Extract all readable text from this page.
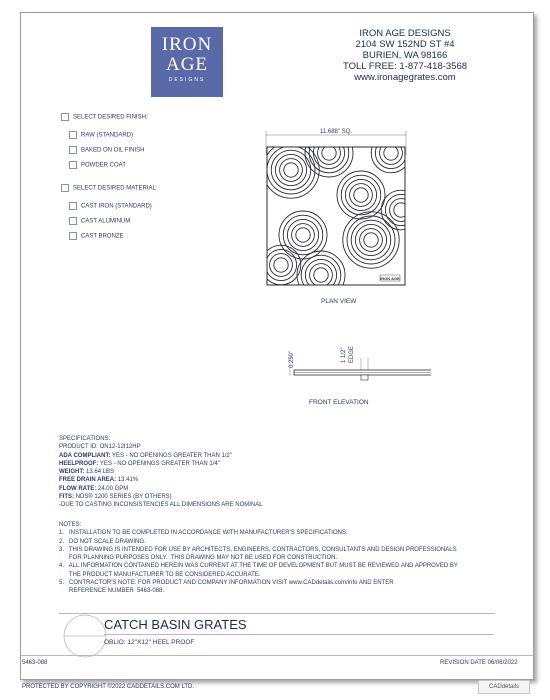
IRON
AGE
DESIGNS
IRON AGE DESIGNS
2104 SW 152ND ST #4
BURIEN, WA 98166
TOLL FREE: 1-877-418-3568
www.ironagegrates.com
SELECT DESIRED FINISH:
RAW (STANDARD)
BAKED ON OIL FINISH
POWDER COAT
SELECT DESIRED MATERIAL:
CAST IRON (STANDARD)
CAST ALUMINUM
CAST BRONZE
11.688" SQ.
IRON AGE
PLAN VIEW
0.250"	1 1/2" EDGE
FRONT ELEVATION
SPECIFICATIONS:
PRODUCT ID: ON12-12I12HP
ADA COMPLIANT: YES - NO OPENINGS GREATER THAN 1/2"
HEELPROOF: YES - NO OPENINGS GREATER THAN 1/4"
WEIGHT: 13.64 LBS
FREE DRAIN AREA: 13.41%
FLOW RATE: 24.00 GPM
FITS: NDS® 1200 SERIES (BY OTHERS)
-DUE TO CASTING INCONSISTENCIES ALL DIMENSIONS ARE NOMINAL
NOTES:
1.   INSTALLATION TO BE COMPLETED IN ACCORDANCE WITH MANUFACTURER'S SPECIFICATIONS.
2.   DO NOT SCALE DRAWING.
3.   THIS DRAWING IS INTENDED FOR USE BY ARCHITECTS, ENGINEERS, CONTRACTORS, CONSULTANTS AND DESIGN PROFESSIONALS
FOR PLANNING PURPOSES ONLY.  THIS DRAWING MAY NOT BE USED FOR CONSTRUCTION.
4.   ALL INFORMATION CONTAINED HEREIN WAS CURRENT AT THE TIME OF DEVELOPMENT BUT MUST BE REVIEWED AND APPROVED BY
THE PRODUCT MANUFACTURER TO BE CONSIDERED ACCURATE.
5.   CONTRACTOR'S NOTE: FOR PRODUCT AND COMPANY INFORMATION VISIT www.CADdetails.com/info AND ENTER
REFERENCE NUMBER  5463-088.
CATCH BASIN GRATES
OBLIO: 12"X12" HEEL PROOF
5463-088	REVISION DATE 06/06/2022
PROTECTED BY COPYRIGHT ©2022 CADDETAILS.COM LTD.	CADdetails
